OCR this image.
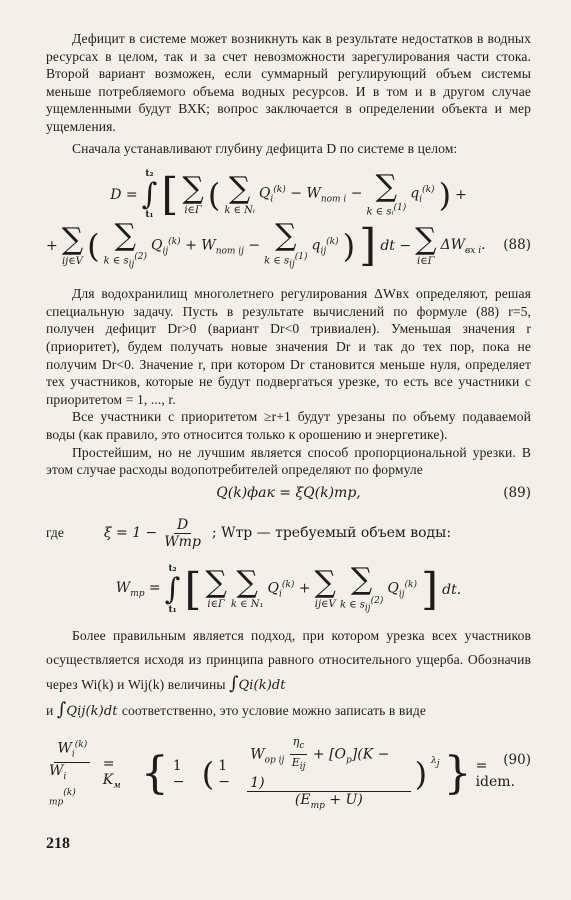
Дефицит в системе может возникнуть как в результате недостатков в водных ресурсах в целом, так и за счет невозможности зарегулирования части стока. Второй вариант возможен, если суммарный регулирующий объем системы меньше потребляемого объема водных ресурсов. И в том и в другом случае ущемленными будут ВХК; вопрос заключается в определении объекта и мер ущемления.

Сначала устанавливают глубину дефицита D по системе в целом:

D =
t₂
∫
t₁ [ ∑
i∈Γ ( ∑
k ∈ Nᵢ
$Q_i^{(k)} - W_{nom i}$ − ∑
k ∈ sᵢ$^{(1)}$
$q_i^{(k)}$ ) +
+ ∑
ij∈V ( ∑
k ∈ $s_{ij}^{(2)}$
$Q_{ij}^{(k)} + W_{nom ij}$ − ∑
k ∈ $s_{ij}^{(1)}$
$q_{ij}^{(k)}$ ) ] dt − ∑
i∈Γ
$\Delta W_{вх i}$. (88)

Для водохранилищ многолетнего регулирования ΔWвх определяют, решая специальную задачу. Пусть в результате вычислений по формуле (88) r=5, получен дефицит Dr>0 (вариант Dr<0 тривиален). Уменьшая значения r (приоритет), будем получать новые значения Dr и так до тех пор, пока не получим Dr<0. Значение r, при котором Dr становится меньше нуля, определяет тех участников, которые не будут подвергаться урезке, то есть все участники с приоритетом = 1, ..., r.

Все участники с приоритетом ≥r+1 будут урезаны по объему подаваемой воды (как правило, это относится только к орошению и энергетике).

Простейшим, но не лучшим является способ пропорциональной урезки. В этом случае расходы водопотребителей определяют по формуле

Q(k)фак = ξQ(k)тр,	(89)
где	$\xi = 1 - \frac{D}{\text{Wтр}}$ ; Wтр — требуемый объем воды:
$W_{тр}$ =
t₂
∫
t₁ [ ∑
i∈Γ
∑
k ∈ N₁
$Q_i^{(k)}$ + ∑
ij∈V
∑
k ∈ $s_{ij}^{(2)}$
$Q_{ij}^{(k)}$ ] dt.

Более правильным является подход, при котором урезка всех участников осуществляется исходя из принципа равного относительного ущерба. Обозначив через Wi(k) и Wij(k) величины ∫Qi(k)dt

и ∫Qij(k)dt соответственно, это условие можно записать в виде

$\frac{W_i^{(k)}}{W_{i тр}^{(k)}} = K_м$ { 1 − ( 1 −	$\frac{W_{op ij} \frac{\eta_c}{E_{ij}} + [O_p](K - 1)}{(E_{тр} + U)}$ ) $^{\lambda_j}$ } = idem.
(90)
218
